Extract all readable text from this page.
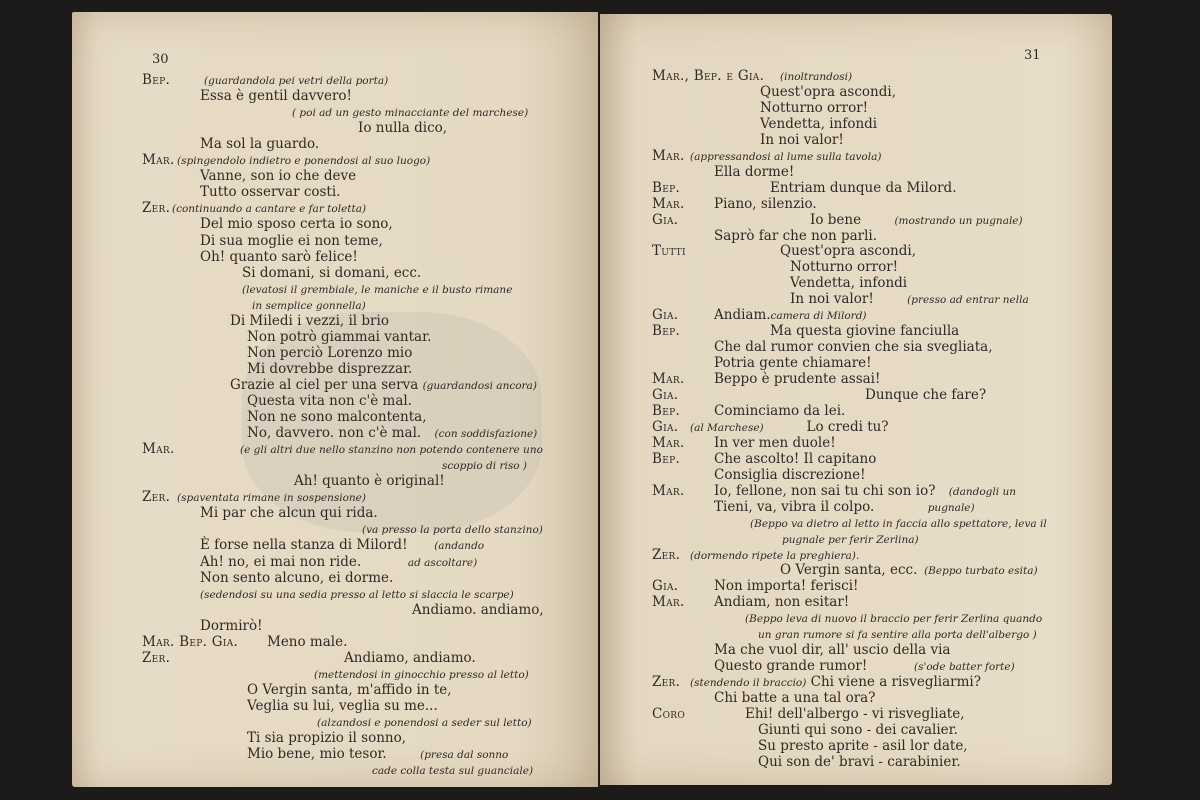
30
Bep.	(guardandola pei vetri della porta)
Essa è gentil davvero!
( poi ad un gesto minacciante del marchese)
Io nulla dico,
Ma sol la guardo.
Mar. (spingendolo indietro e ponendosi al suo luogo)
Vanne, son io che deve
Tutto osservar costi.
Zer. (continuando a cantare e far toletta)
Del mio sposo certa io sono,
Di sua moglie ei non teme,
Oh! quanto sarò felice!
Si domani, si domani, ecc.
(levatosi il grembiale, le maniche e il busto rimane
in semplice gonnella)
Di Miledi i vezzi, il brio
Non potrò giammai vantar.
Non perciò Lorenzo mio
Mi dovrebbe disprezzar.
Grazie al ciel per una serva (guardandosi ancora)
Questa vita non c'è mal.
Non ne sono malcontenta,
No, davvero. non c'è mal.    (con soddisfazione)
Mar.	(e gli altri due nello stanzino non potendo contenere uno
scoppio di riso )
Ah! quanto è original!
Zer. (spaventata rimane in sospensione)
Mi par che alcun qui rida.
(va presso la porta dello stanzino)
È forse nella stanza di Milord!        (andando
Ah! no, ei mai non ride.              ad ascoltare)
Non sento alcuno, ei dorme.
(sedendosi su una sedia presso al letto si slaccia le scarpe)
Andiamo. andiamo,
Dormirò!
Mar. Bep. Gia. Meno male.
Zer.	Andiamo, andiamo.
(mettendosi in ginocchio presso al letto)
O Vergin santa, m'affido in te,
Veglia su lui, veglia su me...
(alzandosi e ponendosi a seder sul letto)
Ti sia propizio il sonno,
Mio bene, mio tesor.          (presa dal sonno
cade colla testa sul guanciale)
31
Mar., Bep. e Gia. (inoltrandosi)
Quest'opra ascondi,
Notturno orror!
Vendetta, infondi
In noi valor!
Mar. (appressandosi al lume sulla tavola)
Ella dorme!
Bep.	Entriam dunque da Milord.
Mar. Piano, silenzio.
Gia.	Io bene          (mostrando un pugnale)
Saprò far che non parli.
Tutti	Quest'opra ascondi,
Notturno orror!
Vendetta, infondi
In noi valor!          (presso ad entrar nella
Gia.	Andiam.camera di Milord)
Bep.	Ma questa giovine fanciulla
Che dal rumor convien che sia svegliata,
Potria gente chiamare!
Mar. Beppo è prudente assai!
Gia.	Dunque che fare?
Bep.	Cominciamo da lei.
Gia. (al Marchese)          Lo credi tu?
Mar. In ver men duole!
Bep.	Che ascolto! Il capitano
Consiglia discrezione!
Mar. Io, fellone, non sai tu chi son io?    (dandogli un
Tieni, va, vibra il colpo.                pugnale)
(Beppo va dietro al letto in faccia allo spettatore, leva il
pugnale per ferir Zerlina)
Zer. (dormendo ripete la preghiera).
O Vergin santa, ecc.  (Beppo turbato esita)
Gia.	Non importa! ferisci!
Mar. Andiam, non esitar!
(Beppo leva di nuovo il braccio per ferir Zerlina quando
un gran rumore si fa sentire alla porta dell'albergo )
Ma che vuol dir, all' uscio della via
Questo grande rumor!              (s'ode batter forte)
Zer. (stendendo il braccio) Chi viene a risvegliarmi?
Chi batte a una tal ora?
Coro	Ehi! dell'albergo - vi risvegliate,
Giunti qui sono - dei cavalier.
Su presto aprite - asil lor date,
Qui son de' bravi - carabinier.
